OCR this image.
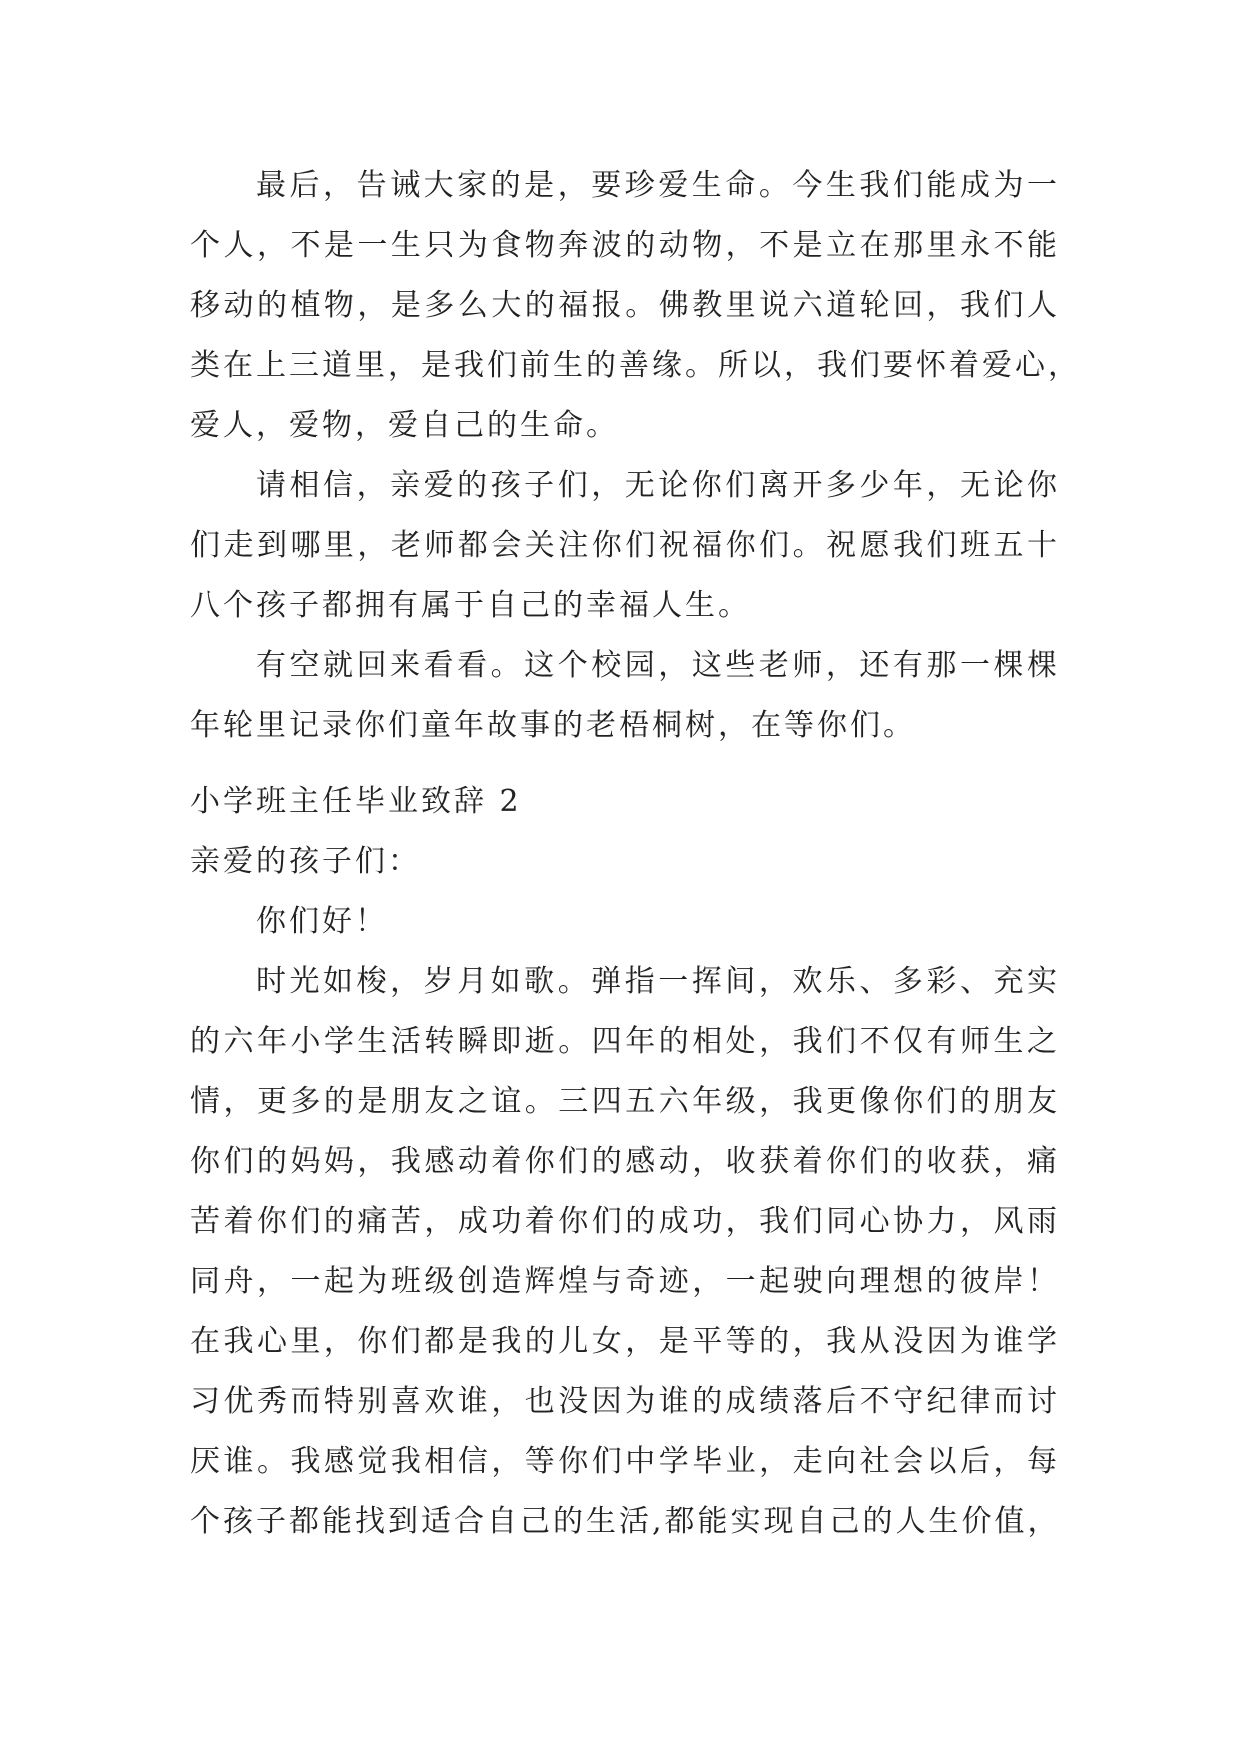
最后，告诫大家的是，要珍爱生命。今生我们能成为一
个人，不是一生只为食物奔波的动物，不是立在那里永不能
移动的植物，是多么大的福报。佛教里说六道轮回，我们人
类在上三道里，是我们前生的善缘。所以，我们要怀着爱心，
爱人，爱物，爱自己的生命。
请相信，亲爱的孩子们，无论你们离开多少年，无论你
们走到哪里，老师都会关注你们祝福你们。祝愿我们班五十
八个孩子都拥有属于自己的幸福人生。
有空就回来看看。这个校园，这些老师，还有那一棵棵
年轮里记录你们童年故事的老梧桐树，在等你们。
小学班主任毕业致辞 2
亲爱的孩子们：
你们好！
时光如梭，岁月如歌。弹指一挥间，欢乐、多彩、充实
的六年小学生活转瞬即逝。四年的相处，我们不仅有师生之
情，更多的是朋友之谊。三四五六年级，我更像你们的朋友
你们的妈妈，我感动着你们的感动，收获着你们的收获，痛
苦着你们的痛苦，成功着你们的成功，我们同心协力，风雨
同舟，一起为班级创造辉煌与奇迹，一起驶向理想的彼岸！
在我心里，你们都是我的儿女，是平等的，我从没因为谁学
习优秀而特别喜欢谁，也没因为谁的成绩落后不守纪律而讨
厌谁。我感觉我相信，等你们中学毕业，走向社会以后，每
个孩子都能找到适合自己的生活,都能实现自己的人生价值，
